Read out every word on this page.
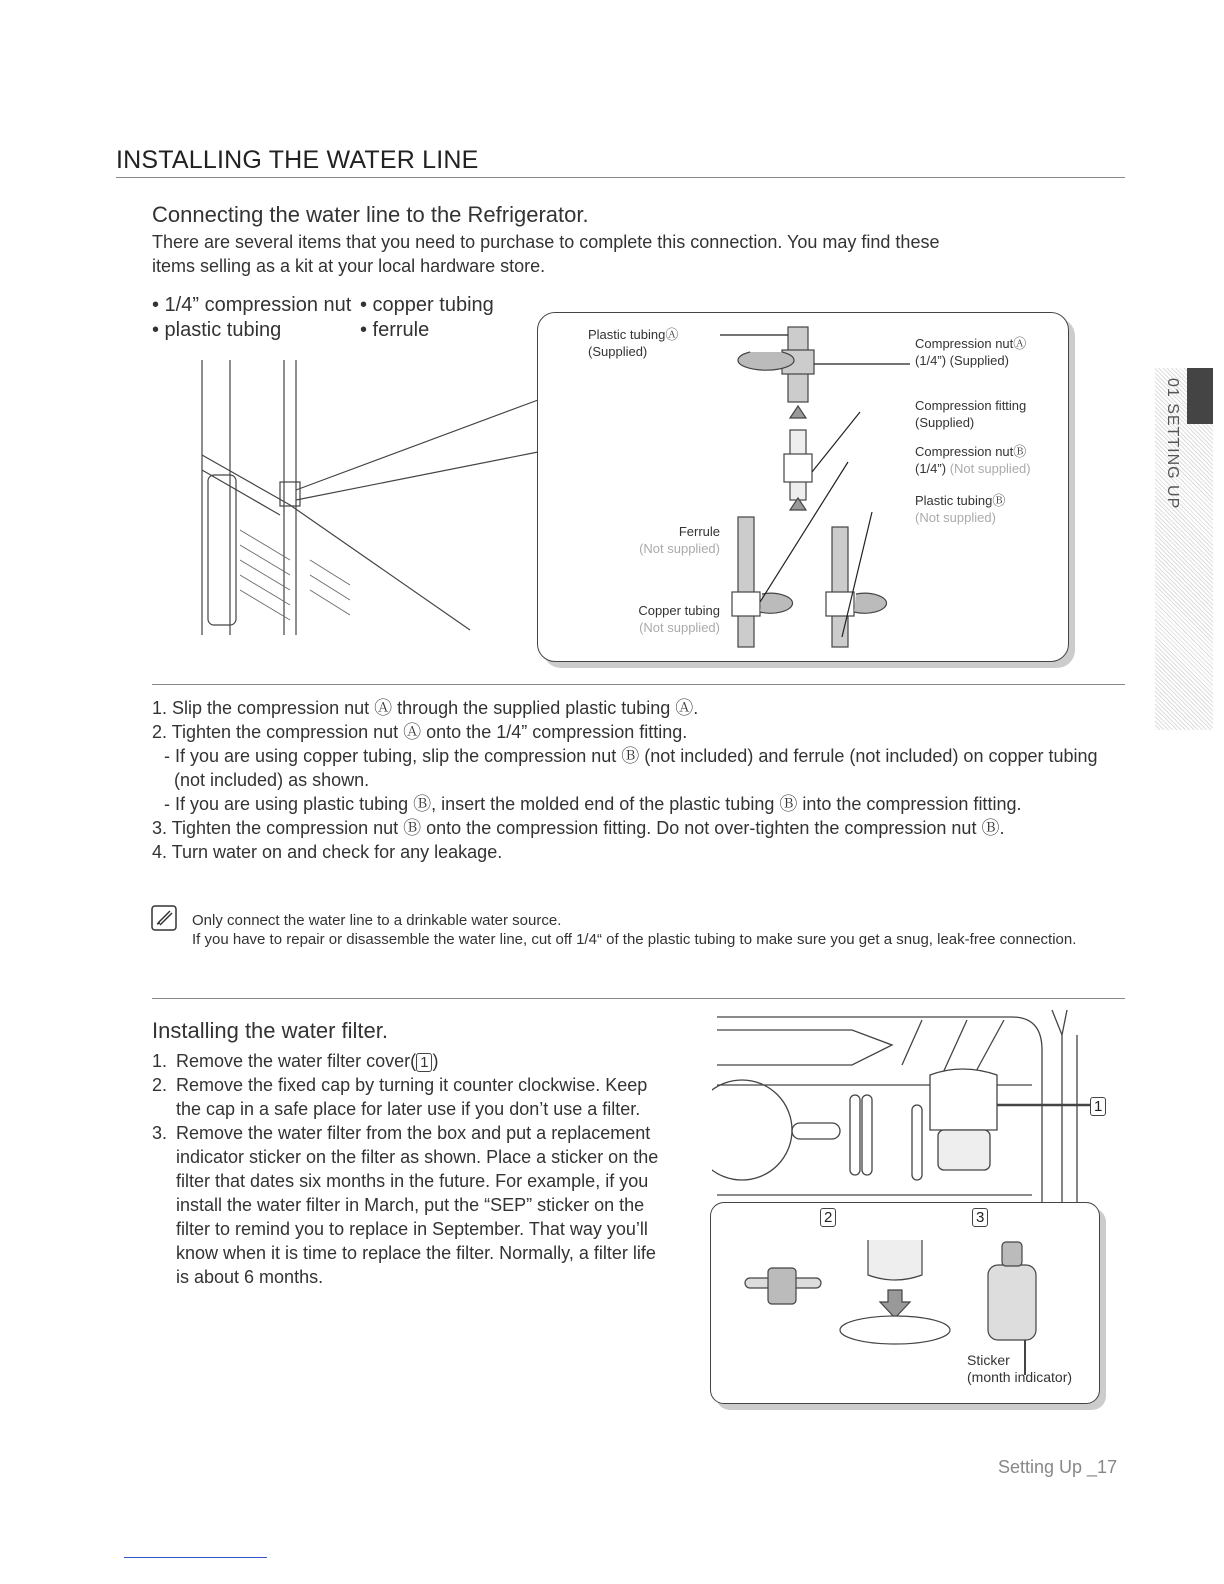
INSTALLING THE WATER LINE
01 SETTING UP
Connecting the water line to the Refrigerator.
There are several items that you need to purchase to complete this connection. You may find these items selling as a kit at your local hardware store.
• 1/4” compression nut • copper tubing
• plastic tubing	• ferrule	Plastic tubingⒶ
(Supplied)
Compression nutⒶ
(1/4”) (Supplied)
Compression fitting
(Supplied)
Compression nutⒷ
(1/4”) (Not supplied)
Plastic tubingⒷ
(Not supplied)
Ferrule
(Not supplied)
Copper tubing
(Not supplied)
1. Slip the compression nut Ⓐ through the supplied plastic tubing Ⓐ.
2. Tighten the compression nut Ⓐ onto the 1/4” compression fitting.
- If you are using copper tubing, slip the compression nut Ⓑ (not included) and ferrule (not included) on copper tubing (not included) as shown.
- If you are using plastic tubing Ⓑ, insert the molded end of the plastic tubing Ⓑ into the compression fitting.
3. Tighten the compression nut Ⓑ onto the compression fitting. Do not over-tighten the compression nut Ⓑ.
4. Turn water on and check for any leakage.
Only connect the water line to a drinkable water source.
If you have to repair or disassemble the water line, cut off 1/4“ of the plastic tubing to make sure you get a snug, leak-free connection.
Installing the water filter.
1. Remove the water filter cover( 1 )
2. Remove the fixed cap by turning it counter clockwise. Keep the cap in a safe place for later use if you don’t use a filter.
3. Remove the water filter from the box and put a replacement indicator sticker on the filter as shown. Place a sticker on the filter that dates six months in the future. For example, if you install the water filter in March, put the “SEP” sticker on the filter to remind you to replace in September. That way you’ll know when it is time to replace the filter. Normally, a filter life is about 6 months.
1
2	3
Sticker
(month indicator)
Setting Up _17
